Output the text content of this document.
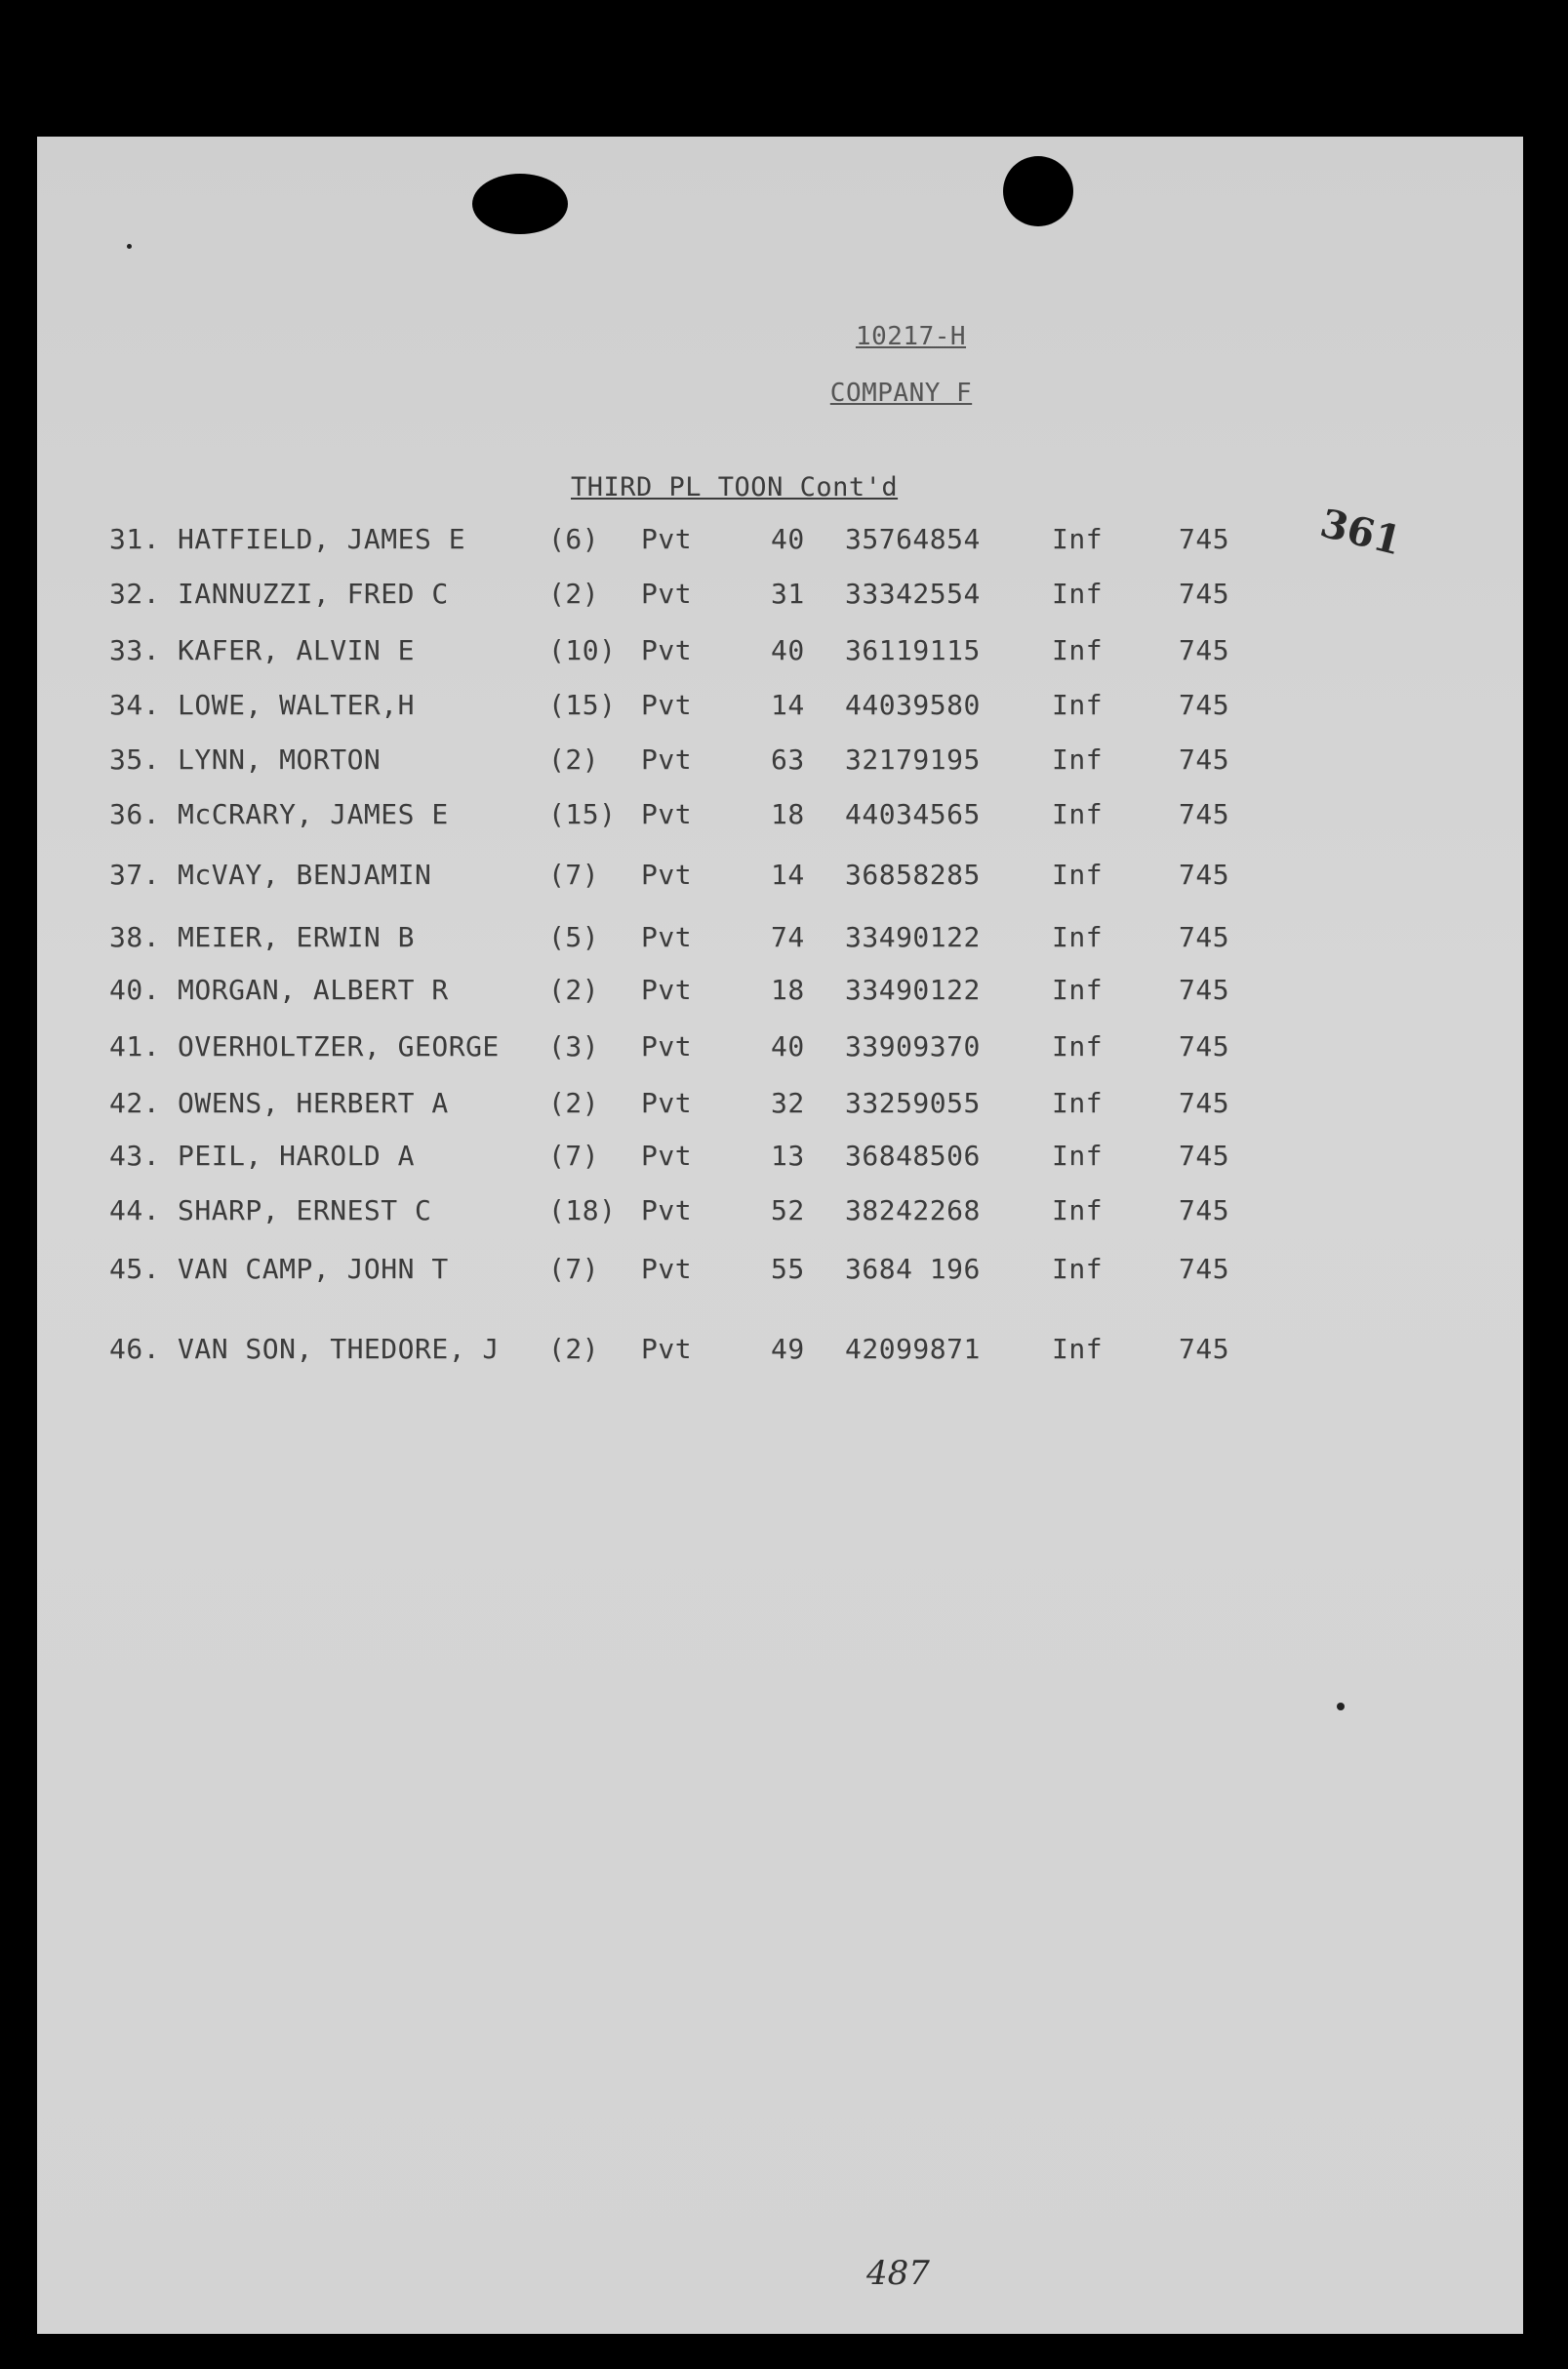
10217-H
COMPANY F
THIRD PL TOON Cont'd
361
31. HATFIELD, JAMES E	(6) Pvt	40 35764854	Inf	745
32. IANNUZZI, FRED C	(2) Pvt	31 33342554	Inf	745
33. KAFER, ALVIN E	(10) Pvt	40 36119115	Inf	745
34. LOWE, WALTER,H	(15) Pvt	14 44039580	Inf	745
35. LYNN, MORTON	(2) Pvt	63 32179195	Inf	745
36. McCRARY, JAMES E	(15) Pvt	18 44034565	Inf	745
37. McVAY, BENJAMIN	(7) Pvt	14 36858285	Inf	745
38. MEIER, ERWIN B	(5) Pvt	74 33490122	Inf	745
40. MORGAN, ALBERT R	(2) Pvt	18 33490122	Inf	745
41. OVERHOLTZER, GEORGE (3) Pvt	40 33909370	Inf	745
42. OWENS, HERBERT A	(2) Pvt	32 33259055	Inf	745
43. PEIL, HAROLD A	(7) Pvt	13 36848506	Inf	745
44. SHARP, ERNEST C	(18) Pvt	52 38242268	Inf	745
45. VAN CAMP, JOHN T	(7) Pvt	55 3684 196	Inf	745
46. VAN SON, THEDORE, J (2) Pvt	49 42099871	Inf	745
487
